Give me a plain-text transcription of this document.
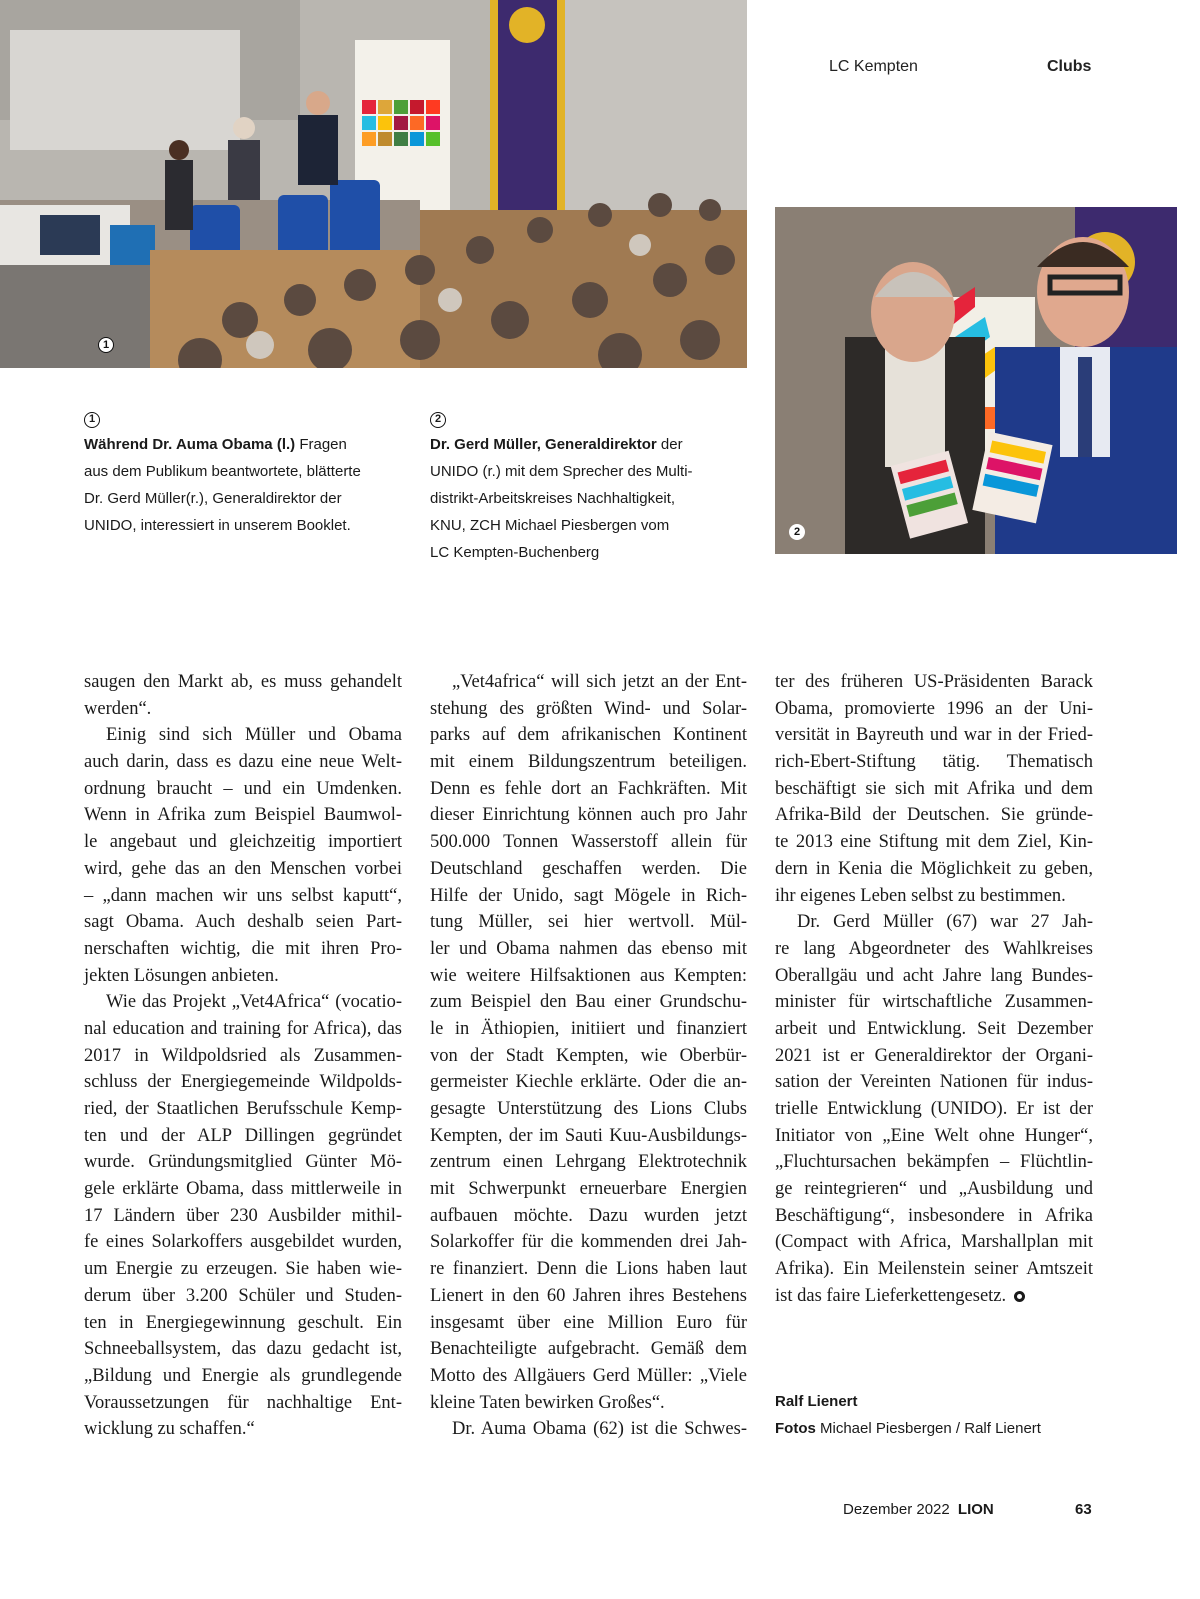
LC Kempten	Clubs
1
2
1
Während Dr. Auma Obama (l.) Fragen
aus dem Publikum beantwortete, blätterte
Dr. Gerd Müller(r.), Generaldirektor der
UNIDO, interessiert in unserem Booklet.
2
Dr. Gerd Müller, Generaldirektor der
UNIDO (r.) mit dem Sprecher des Multi-
distrikt-Arbeitskreises Nachhaltigkeit,
KNU, ZCH Michael Piesbergen vom
LC Kempten-Buchenberg
saugen den Markt ab, es muss gehandelt
werden“.
Einig sind sich Müller und Obama
auch darin, dass es dazu eine neue Welt-
ordnung braucht – und ein Umdenken.
Wenn in Afrika zum Beispiel Baumwol-
le angebaut und gleichzeitig importiert
wird, gehe das an den Menschen vorbei
– „dann machen wir uns selbst kaputt“,
sagt Obama. Auch deshalb seien Part-
nerschaften wichtig, die mit ihren Pro-
jekten Lösungen anbieten.
Wie das Projekt „Vet4Africa“ (vocatio-
nal education and training for Africa), das
2017 in Wildpoldsried als Zusammen-
schluss der Energiegemeinde Wildpolds-
ried, der Staatlichen Berufsschule Kemp-
ten und der ALP Dillingen gegründet
wurde. Gründungsmitglied Günter Mö-
gele erklärte Obama, dass mittlerweile in
17 Ländern über 230 Ausbilder mithil-
fe eines Solarkoffers ausgebildet wurden,
um Energie zu erzeugen. Sie haben wie-
derum über 3.200 Schüler und Studen-
ten in Energiegewinnung geschult. Ein
Schneeballsystem, das dazu gedacht ist,
„Bildung und Energie als grundlegende
Voraussetzungen für nachhaltige Ent-
wicklung zu schaffen.“
„Vet4africa“ will sich jetzt an der Ent-
stehung des größten Wind- und Solar-
parks auf dem afrikanischen Kontinent
mit einem Bildungszentrum beteiligen.
Denn es fehle dort an Fachkräften. Mit
dieser Einrichtung können auch pro Jahr
500.000 Tonnen Wasserstoff allein für
Deutschland geschaffen werden. Die
Hilfe der Unido, sagt Mögele in Rich-
tung Müller, sei hier wertvoll. Mül-
ler und Obama nahmen das ebenso mit
wie weitere Hilfsaktionen aus Kempten:
zum Beispiel den Bau einer Grundschu-
le in Äthiopien, initiiert und finanziert
von der Stadt Kempten, wie Oberbür-
germeister Kiechle erklärte. Oder die an-
gesagte Unterstützung des Lions Clubs
Kempten, der im Sauti Kuu-Ausbildungs-
zentrum einen Lehrgang Elektrotechnik
mit Schwerpunkt erneuerbare Energien
aufbauen möchte. Dazu wurden jetzt
Solarkoffer für die kommenden drei Jah-
re finanziert. Denn die Lions haben laut
Lienert in den 60 Jahren ihres Bestehens
insgesamt über eine Million Euro für
Benachteiligte aufgebracht. Gemäß dem
Motto des Allgäuers Gerd Müller: „Viele
kleine Taten bewirken Großes“.
Dr. Auma Obama (62) ist die Schwes-
ter des früheren US-Präsidenten Barack
Obama, promovierte 1996 an der Uni-
versität in Bayreuth und war in der Fried-
rich-Ebert-Stiftung tätig. Thematisch
beschäftigt sie sich mit Afrika und dem
Afrika-Bild der Deutschen. Sie gründe-
te 2013 eine Stiftung mit dem Ziel, Kin-
dern in Kenia die Möglichkeit zu geben,
ihr eigenes Leben selbst zu bestimmen.
Dr. Gerd Müller (67) war 27 Jah-
re lang Abgeordneter des Wahlkreises
Oberallgäu und acht Jahre lang Bundes-
minister für wirtschaftliche Zusammen-
arbeit und Entwicklung. Seit Dezember
2021 ist er Generaldirektor der Organi-
sation der Vereinten Nationen für indus-
trielle Entwicklung (UNIDO). Er ist der
Initiator von „Eine Welt ohne Hunger“,
„Fluchtursachen bekämpfen – Flüchtlin-
ge reintegrieren“ und „Ausbildung und
Beschäftigung“, insbesondere in Afrika
(Compact with Africa, Marshallplan mit
Afrika). Ein Meilenstein seiner Amtszeit
ist das faire Lieferkettengesetz.
Ralf Lienert
Fotos Michael Piesbergen / Ralf Lienert
Dezember 2022 LION	63
